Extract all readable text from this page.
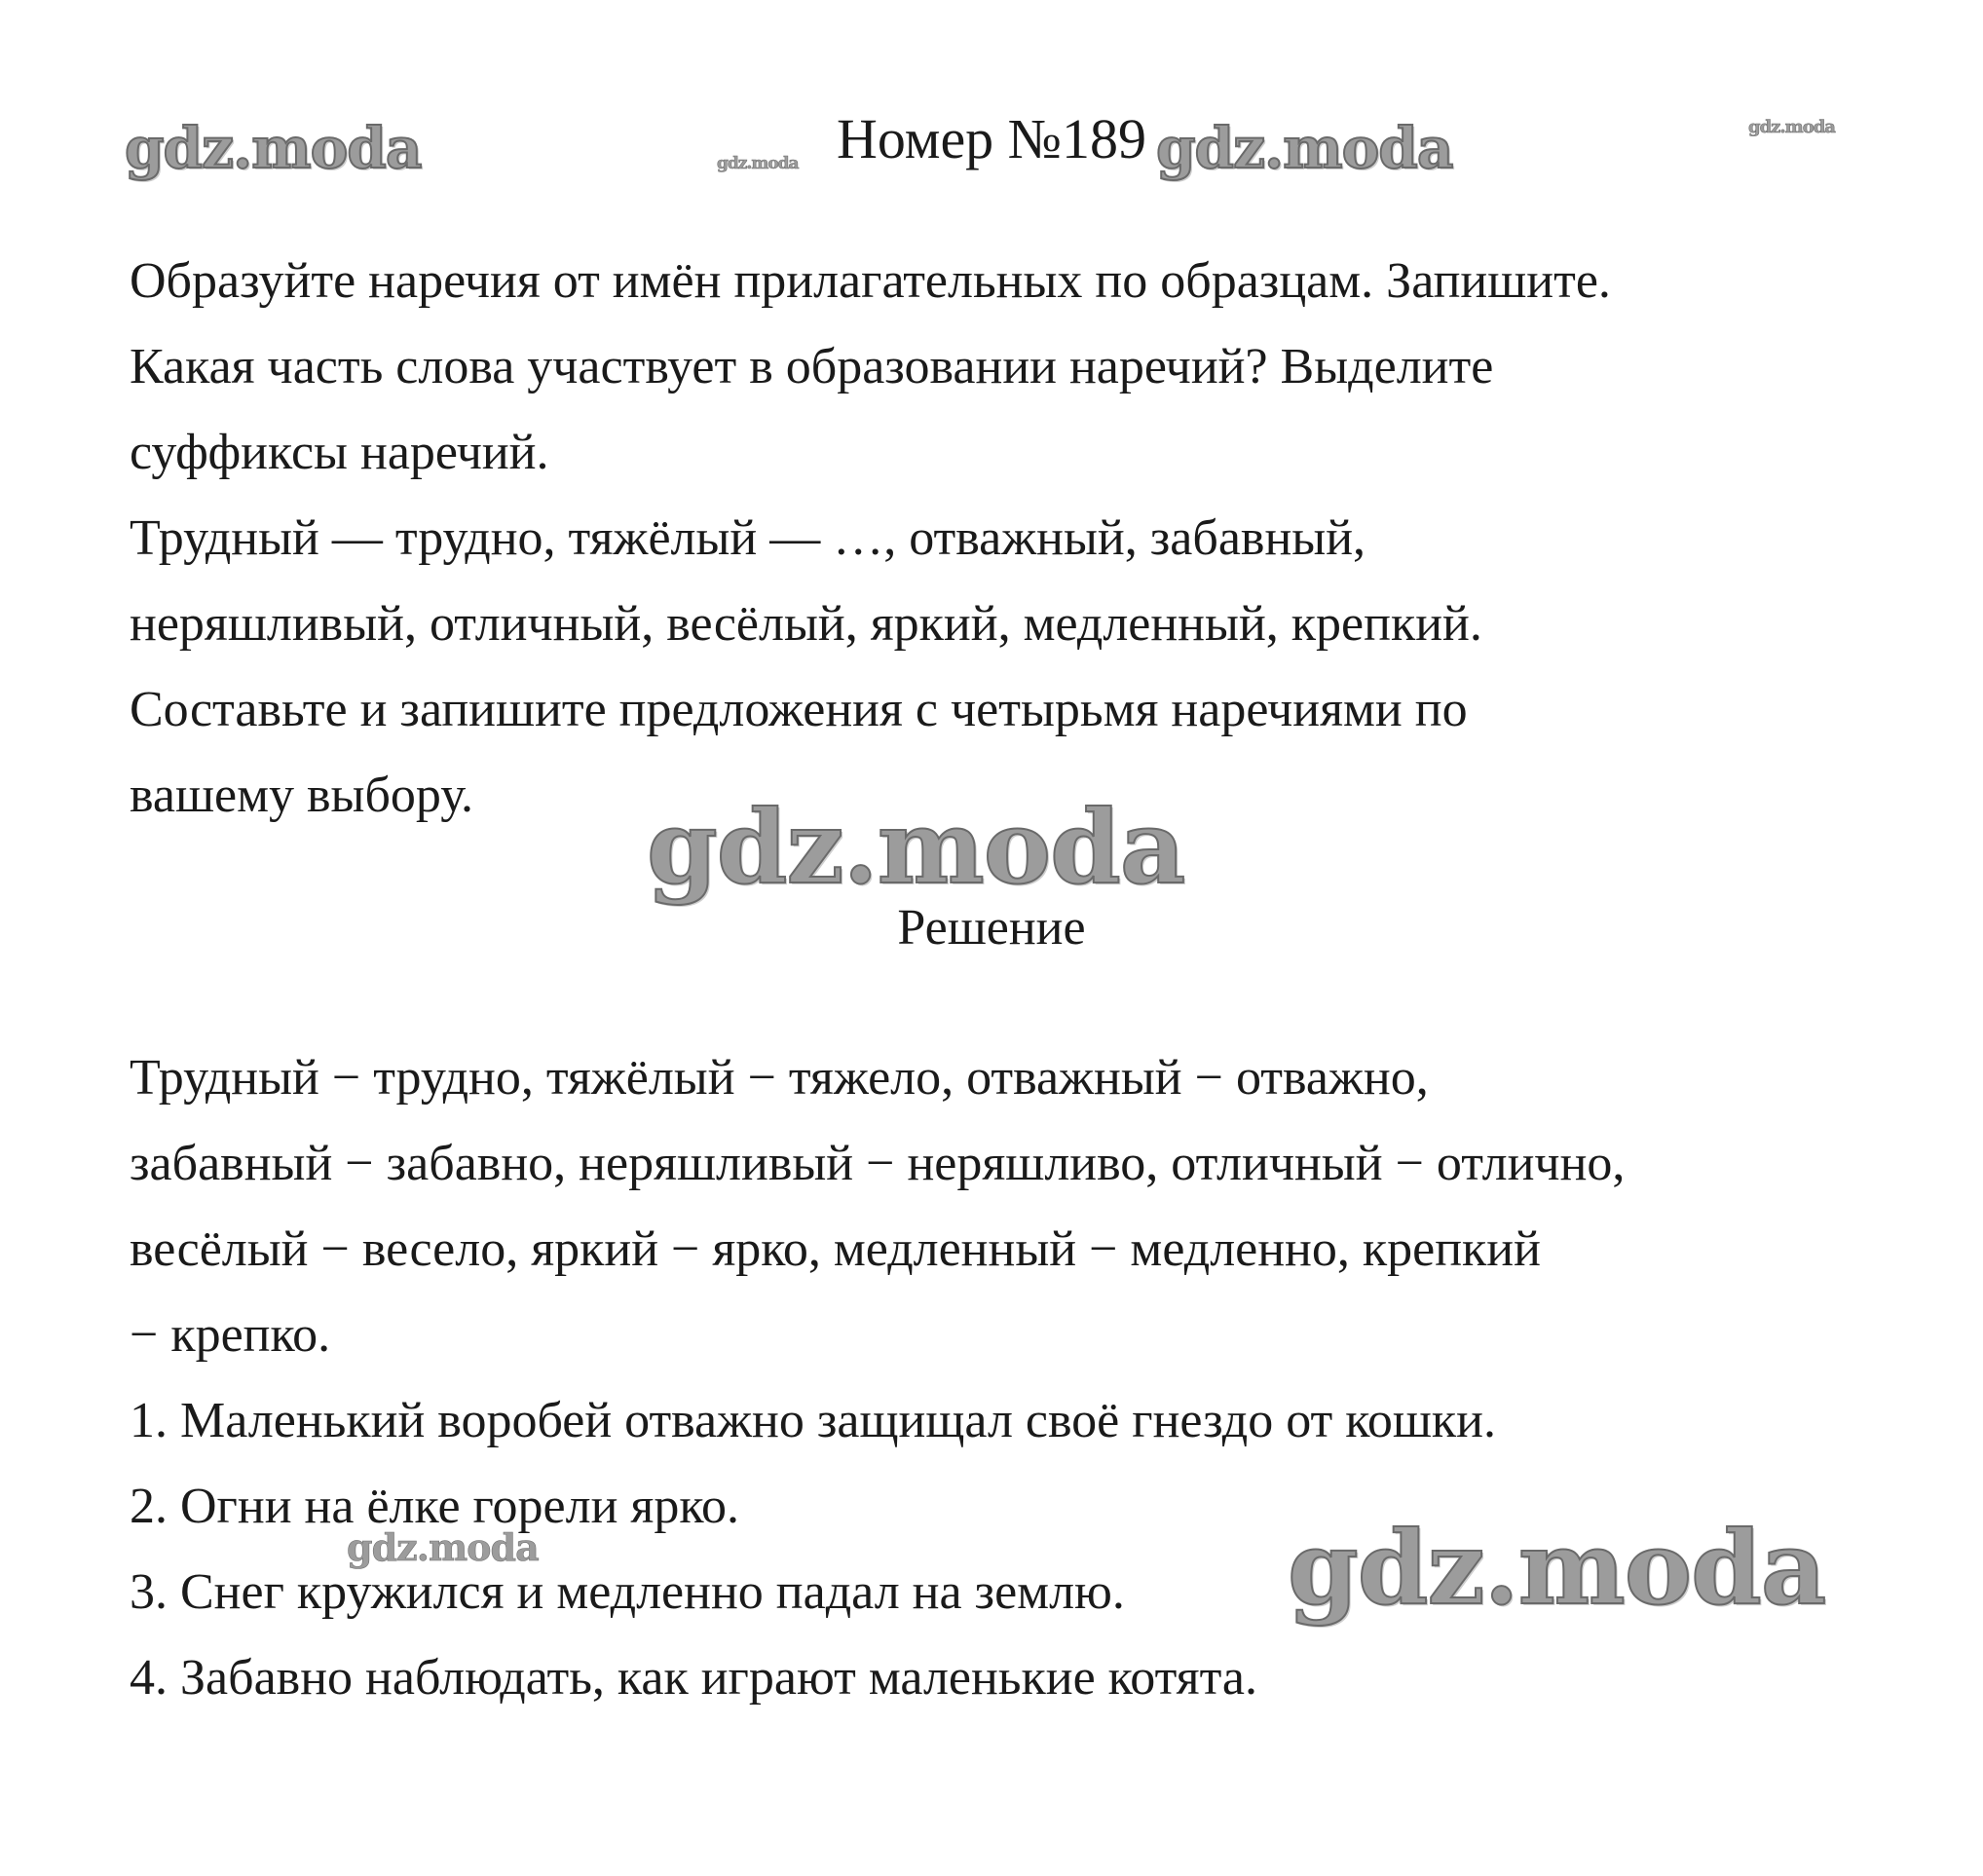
gdz.moda	gdz.moda	gdz.moda	gdz.moda
gdz.moda
gdz.moda	gdz.moda
Номер №189
Образуйте наречия от имён прилагательных по образцам. Запишите.
Какая часть слова участвует в образовании наречий? Выделите
суффиксы наречий.
Трудный — трудно, тяжёлый — …, отважный, забавный,
неряшливый, отличный, весёлый, яркий, медленный, крепкий.
Составьте и запишите предложения с четырьмя наречиями по
вашему выбору.
Решение
Трудный − трудно, тяжёлый − тяжело, отважный − отважно,
забавный − забавно, неряшливый − неряшливо, отличный − отлично,
весёлый − весело, яркий − ярко, медленный − медленно, крепкий
− крепко.
1. Маленький воробей отважно защищал своё гнездо от кошки.
2. Огни на ёлке горели ярко.
3. Снег кружился и медленно падал на землю.
4. Забавно наблюдать, как играют маленькие котята.
